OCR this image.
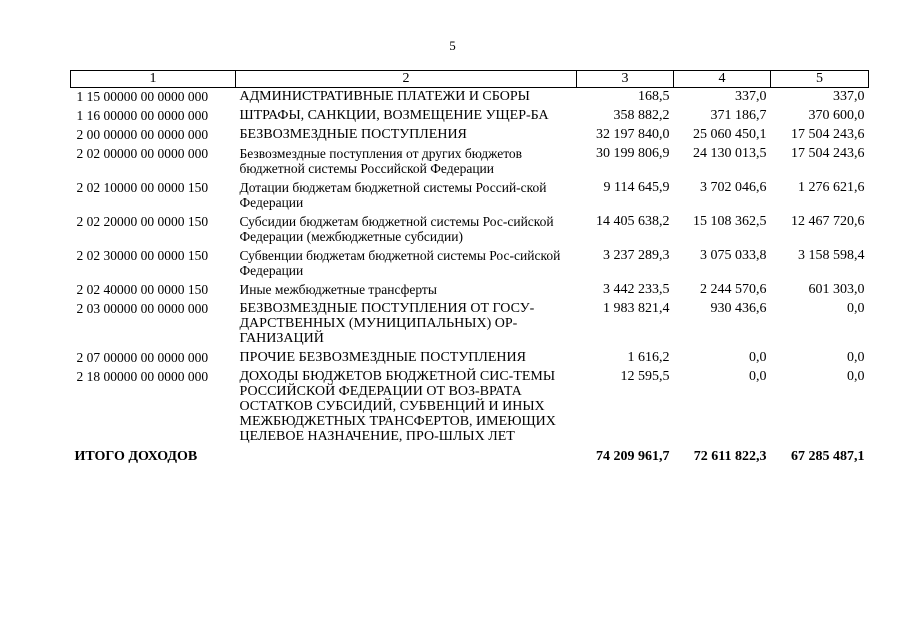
5
1	2	3	4	5
1 15 00000 00 0000 000	АДМИНИСТРАТИВНЫЕ ПЛАТЕЖИ И СБОРЫ	168,5	337,0	337,0
1 16 00000 00 0000 000	ШТРАФЫ, САНКЦИИ, ВОЗМЕЩЕНИЕ УЩЕР-БА	358 882,2	371 186,7	370 600,0
2 00 00000 00 0000 000	БЕЗВОЗМЕЗДНЫЕ ПОСТУПЛЕНИЯ	32 197 840,0	25 060 450,1	17 504 243,6
2 02 00000 00 0000 000	Безвозмездные поступления от других бюджетов бюджетной системы Российской Федерации	30 199 806,9	24 130 013,5	17 504 243,6
2 02 10000 00 0000 150	Дотации бюджетам бюджетной системы Россий-ской Федерации	9 114 645,9	3 702 046,6	1 276 621,6
2 02 20000 00 0000 150	Субсидии бюджетам бюджетной системы Рос-сийской Федерации (межбюджетные субсидии)	14 405 638,2	15 108 362,5	12 467 720,6
2 02 30000 00 0000 150	Субвенции бюджетам бюджетной системы Рос-сийской Федерации	3 237 289,3	3 075 033,8	3 158 598,4
2 02 40000 00 0000 150	Иные межбюджетные трансферты	3 442 233,5	2 244 570,6	601 303,0
2 03 00000 00 0000 000	БЕЗВОЗМЕЗДНЫЕ ПОСТУПЛЕНИЯ ОТ ГОСУ-ДАРСТВЕННЫХ (МУНИЦИПАЛЬНЫХ) ОР-ГАНИЗАЦИЙ	1 983 821,4	930 436,6	0,0
2 07 00000 00 0000 000	ПРОЧИЕ БЕЗВОЗМЕЗДНЫЕ ПОСТУПЛЕНИЯ	1 616,2	0,0	0,0
2 18 00000 00 0000 000	ДОХОДЫ БЮДЖЕТОВ БЮДЖЕТНОЙ СИС-ТЕМЫ РОССИЙСКОЙ ФЕДЕРАЦИИ ОТ ВОЗ-ВРАТА ОСТАТКОВ СУБСИДИЙ, СУБВЕНЦИЙ И ИНЫХ МЕЖБЮДЖЕТНЫХ ТРАНСФЕРТОВ, ИМЕЮЩИХ ЦЕЛЕВОЕ НАЗНАЧЕНИЕ, ПРО-ШЛЫХ ЛЕТ	12 595,5	0,0	0,0
ИТОГО ДОХОДОВ		74 209 961,7	72 611 822,3	67 285 487,1
